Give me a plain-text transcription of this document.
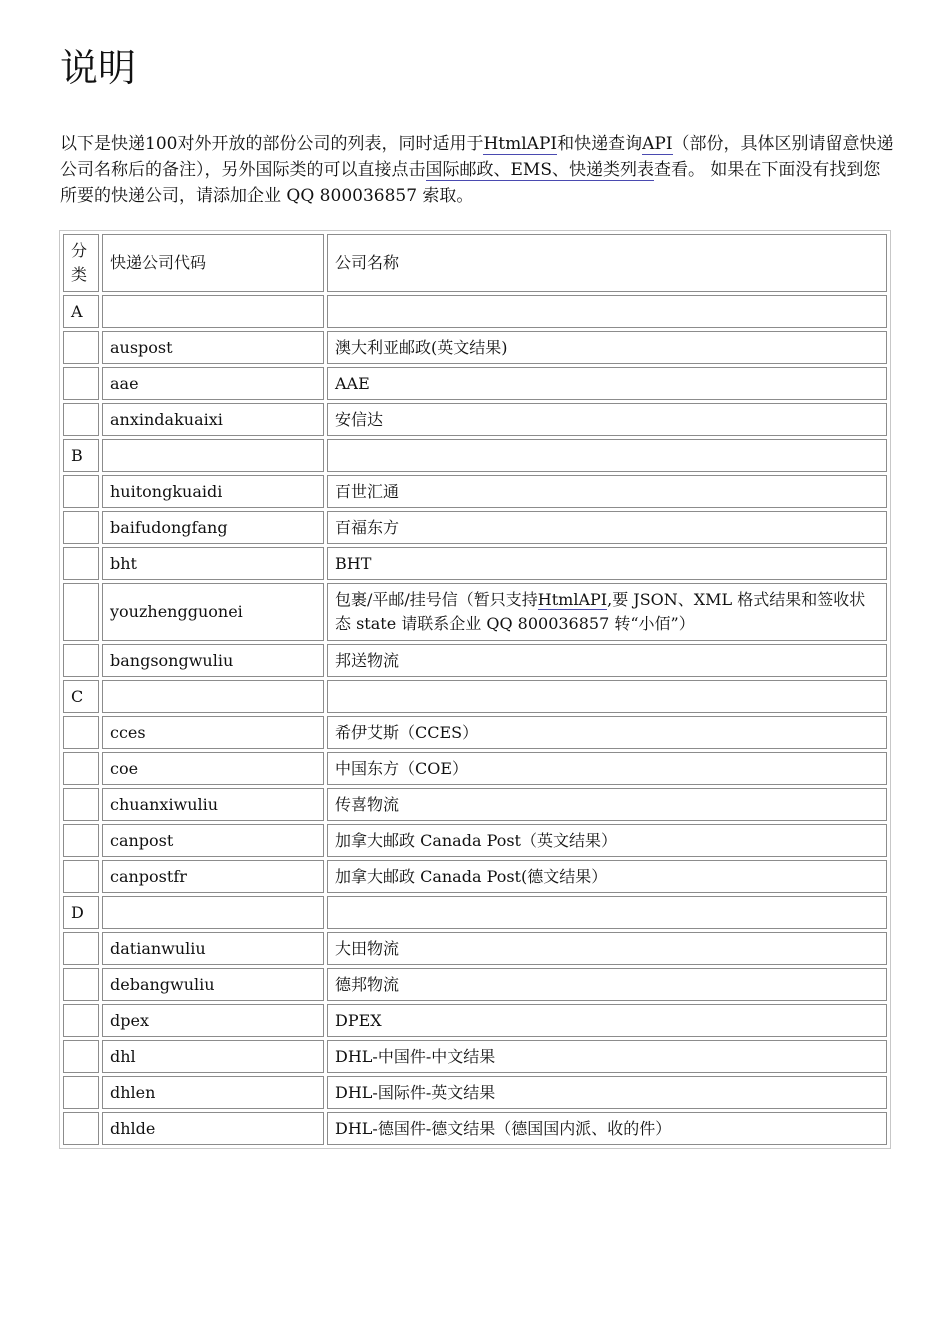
说明

以下是快递100对外开放的部份公司的列表，同时适用于HtmlAPI和快递查询API（部份，具体区别请留意快递公司名称后的备注），另外国际类的可以直接点击国际邮政、EMS、快递类列表查看。 如果在下面没有找到您所要的快递公司，请添加企业 QQ 800036857 索取。

分类	快递公司代码	公司名称
A		
	auspost	澳大利亚邮政(英文结果)
	aae	AAE
	anxindakuaixi	安信达
B		
	huitongkuaidi	百世汇通
	baifudongfang	百福东方
	bht	BHT
	youzhengguonei	包裹/平邮/挂号信（暂只支持HtmlAPI,要 JSON、XML 格式结果和签收状态 state 请联系企业 QQ 800036857 转“小佰”）
	bangsongwuliu	邦送物流
C		
	cces	希伊艾斯（CCES）
	coe	中国东方（COE）
	chuanxiwuliu	传喜物流
	canpost	加拿大邮政 Canada Post（英文结果）
	canpostfr	加拿大邮政 Canada Post(德文结果）
D		
	datianwuliu	大田物流
	debangwuliu	德邦物流
	dpex	DPEX
	dhl	DHL-中国件-中文结果
	dhlen	DHL-国际件-英文结果
	dhlde	DHL-德国件-德文结果（德国国内派、收的件）
